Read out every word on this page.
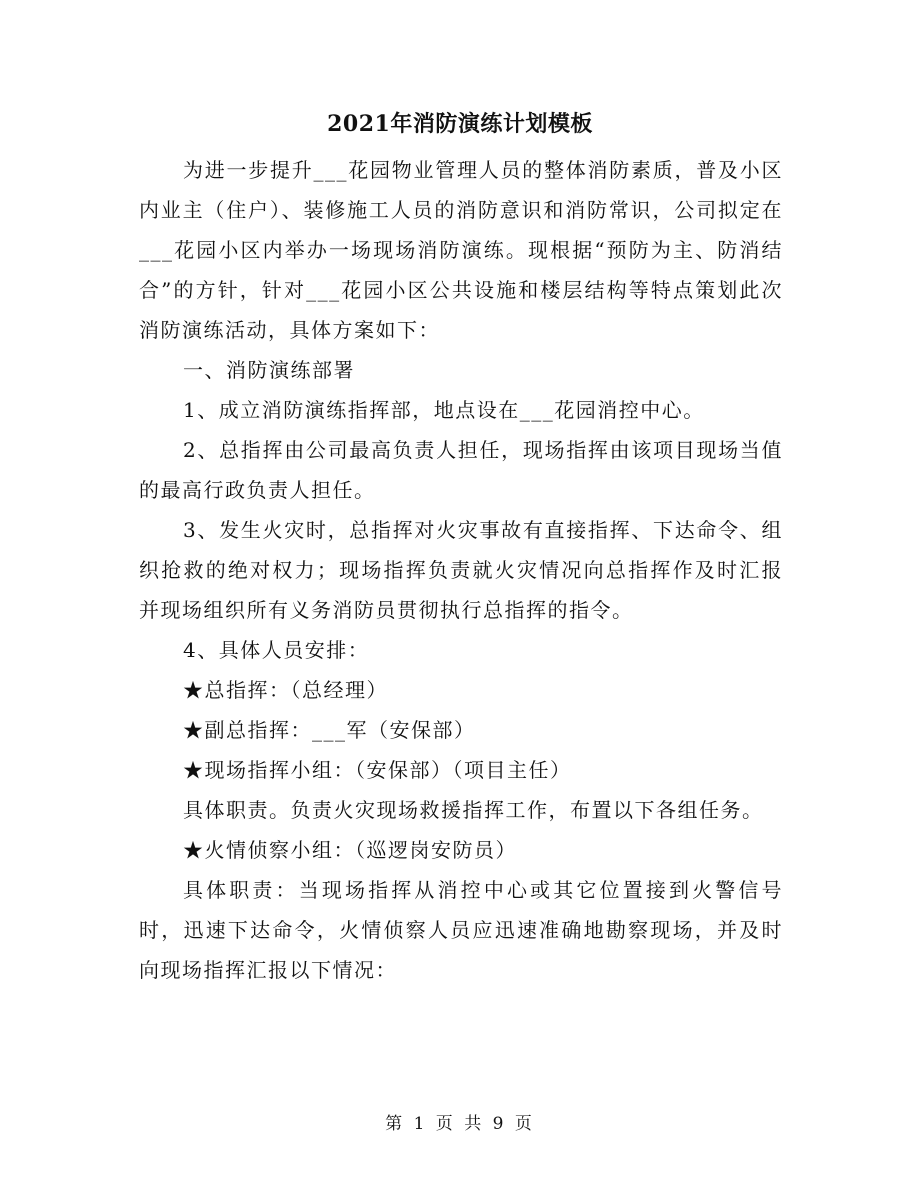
2021年消防演练计划模板

为进一步提升___花园物业管理人员的整体消防素质，普及小区内业主（住户）、装修施工人员的消防意识和消防常识，公司拟定在___花园小区内举办一场现场消防演练。现根据“预防为主、防消结合”的方针，针对___花园小区公共设施和楼层结构等特点策划此次消防演练活动，具体方案如下：

一、消防演练部署

1、成立消防演练指挥部，地点设在___花园消控中心。

2、总指挥由公司最高负责人担任，现场指挥由该项目现场当值的最高行政负责人担任。

3、发生火灾时，总指挥对火灾事故有直接指挥、下达命令、组织抢救的绝对权力；现场指挥负责就火灾情况向总指挥作及时汇报并现场组织所有义务消防员贯彻执行总指挥的指令。

4、具体人员安排：

★总指挥：（总经理）

★副总指挥：___军（安保部）

★现场指挥小组：（安保部）（项目主任）

具体职责。负责火灾现场救援指挥工作，布置以下各组任务。

★火情侦察小组：（巡逻岗安防员）

具体职责：当现场指挥从消控中心或其它位置接到火警信号时，迅速下达命令，火情侦察人员应迅速准确地勘察现场，并及时向现场指挥汇报以下情况：

第 1 页 共 9 页
